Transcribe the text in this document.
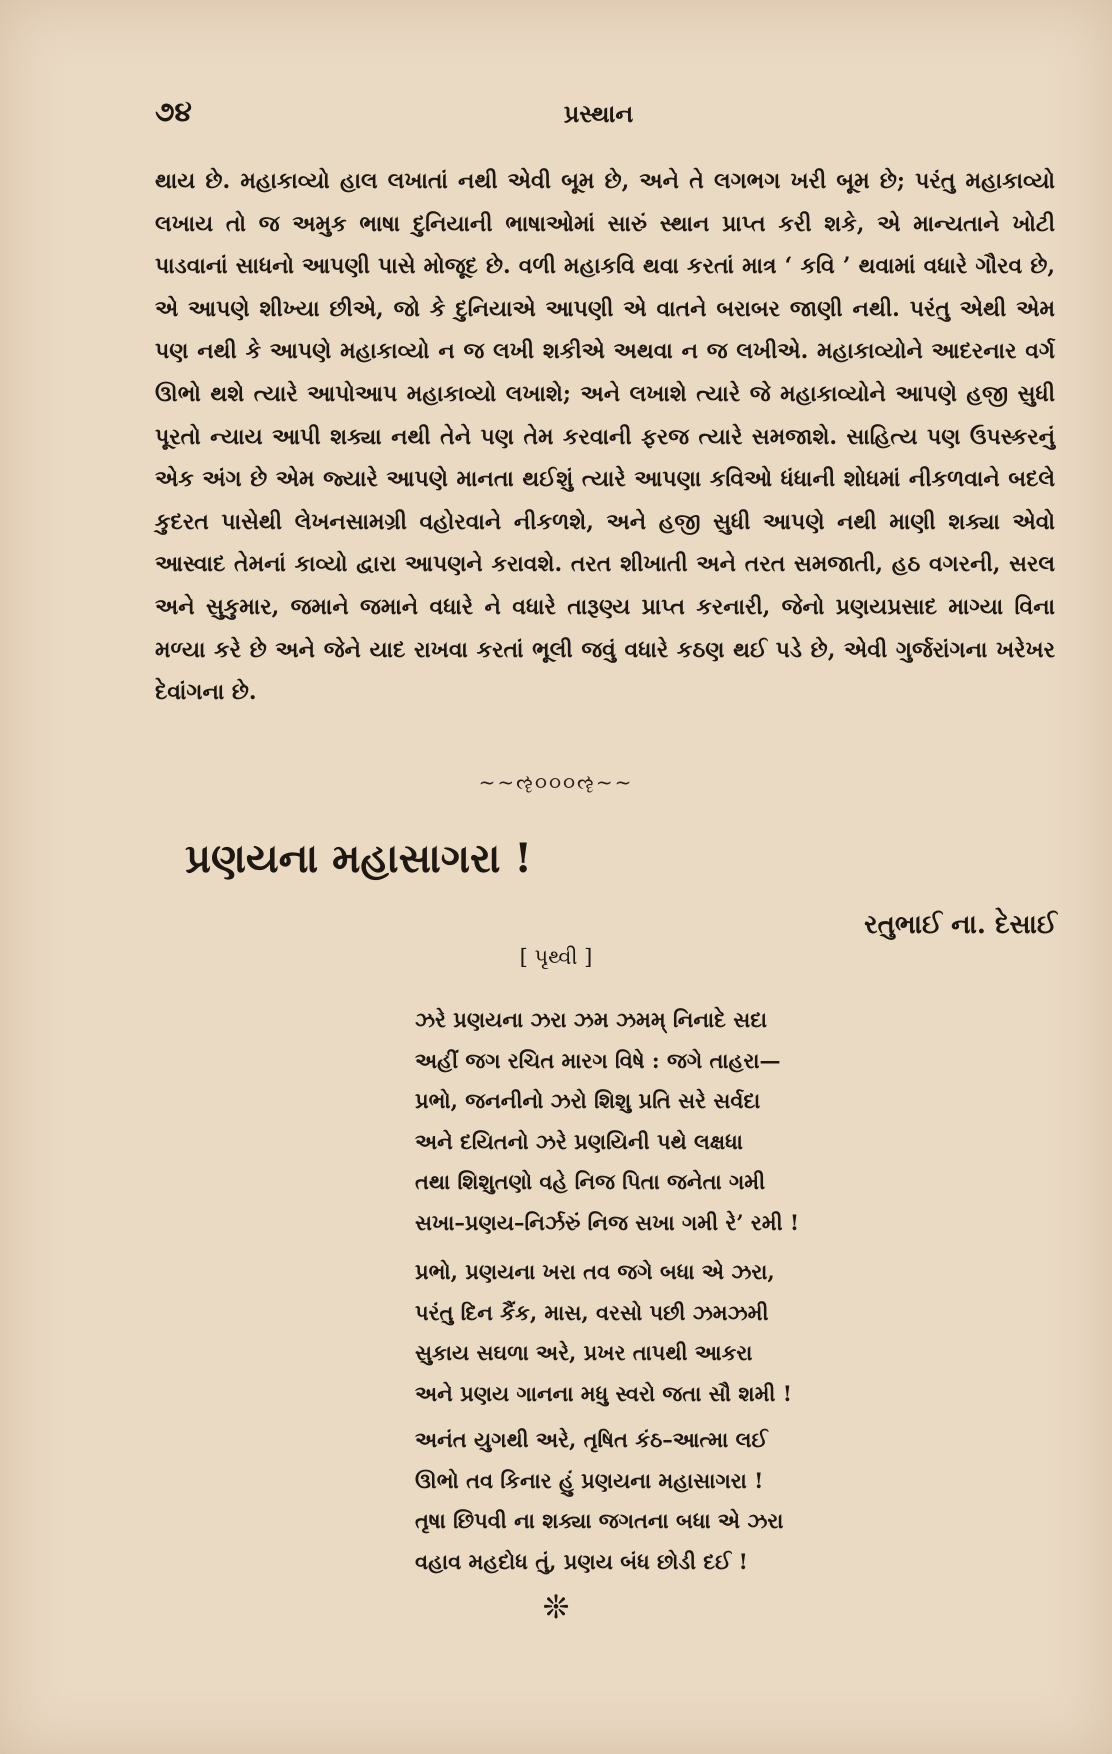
૭૪	પ્રસ્થાન

થાય છે. મહાકાવ્યો હાલ લખાતાં નથી એવી બૂમ છે, અને તે લગભગ ખરી બૂમ છે; પરંતુ મહાકાવ્યો લખાય તો જ અમુક ભાષા દુનિયાની ભાષાઓમાં સારું સ્થાન પ્રાપ્ત કરી શકે, એ માન્યતાને ખોટી પાડવાનાં સાધનો આપણી પાસે મોજૂદ છે. વળી મહાકવિ થવા કરતાં માત્ર ‘ કવિ ’ થવામાં વધારે ગૌરવ છે, એ આપણે શીખ્યા છીએ, જો કે દુનિયાએ આપણી એ વાતને બરાબર જાણી નથી. પરંતુ એથી એમ પણ નથી કે આપણે મહાકાવ્યો ન જ લખી શકીએ અથવા ન જ લખીએ. મહાકાવ્યોને આદરનાર વર્ગ ઊભો થશે ત્યારે આપોઆપ મહાકાવ્યો લખાશે; અને લખાશે ત્યારે જે મહાકાવ્યોને આપણે હજી સુધી પૂરતો ન્યાય આપી શક્યા નથી તેને પણ તેમ કરવાની ફરજ ત્યારે સમજાશે. સાહિત્ય પણ ઉપસ્કરનું એક અંગ છે એમ જ્યારે આપણે માનતા થઈશું ત્યારે આપણા કવિઓ ધંધાની શોધમાં નીકળવાને બદલે કુદરત પાસેથી લેખનસામગ્રી વહોરવાને નીકળશે, અને હજી સુધી આપણે નથી માણી શક્યા એવો આસ્વાદ તેમનાં કાવ્યો દ્વારા આપણને કરાવશે. તરત શીખાતી અને તરત સમજાતી, હઠ વગરની, સરલ અને સુકુમાર, જમાને જમાને વધારે ને વધારે તારૂણ્ય પ્રાપ્ત કરનારી, જેનો પ્રણયપ્રસાદ માગ્યા વિના મળ્યા કરે છે અને જેને યાદ રાખવા કરતાં ભૂલી જવું વધારે કઠણ થઈ પડે છે, એવી ગુર્જરાંગના ખરેખર દેવાંગના છે.

~~ૡ૦૦૦ૡ~~
પ્રણયના મહાસાગરા !
રતુભાઈ ના. દેસાઈ
[ પૃથ્વી ]
ઝરે પ્રણયના ઝરા ઝમ ઝમમ્ નિનાદે સદા
અહીં જગ રચિત મારગ વિષે : જગે તાહરા—
પ્રભો, જનનીનો ઝરો શિશુ પ્રતિ સરે સર્વદા
અને દયિતનો ઝરે પ્રણયિની પથે લક્ષધા
તથા શિશુતણો વહે નિજ પિતા જનેતા ગમી
સખા–પ્રણય–નિર્ઝરું નિજ સખા ગમી રે’ રમી !
પ્રભો, પ્રણયના ખરા તવ જગે બધા એ ઝરા,
પરંતુ દિન કૈંક, માસ, વરસો પછી ઝમઝમી
સુકાય સઘળા અરે, પ્રખર તાપથી આકરા
અને પ્રણય ગાનના મધુ સ્વરો જતા સૌ શમી !
અનંત યુગથી અરે, તૃષિત કંઠ–આત્મા લઈ
ઊભો તવ કિનાર હું પ્રણયના મહાસાગરા !
તૃષા છિપવી ના શક્યા જગતના બધા એ ઝરા
વહાવ મહદોધ તું, પ્રણય બંધ છોડી દઈ !
❊
